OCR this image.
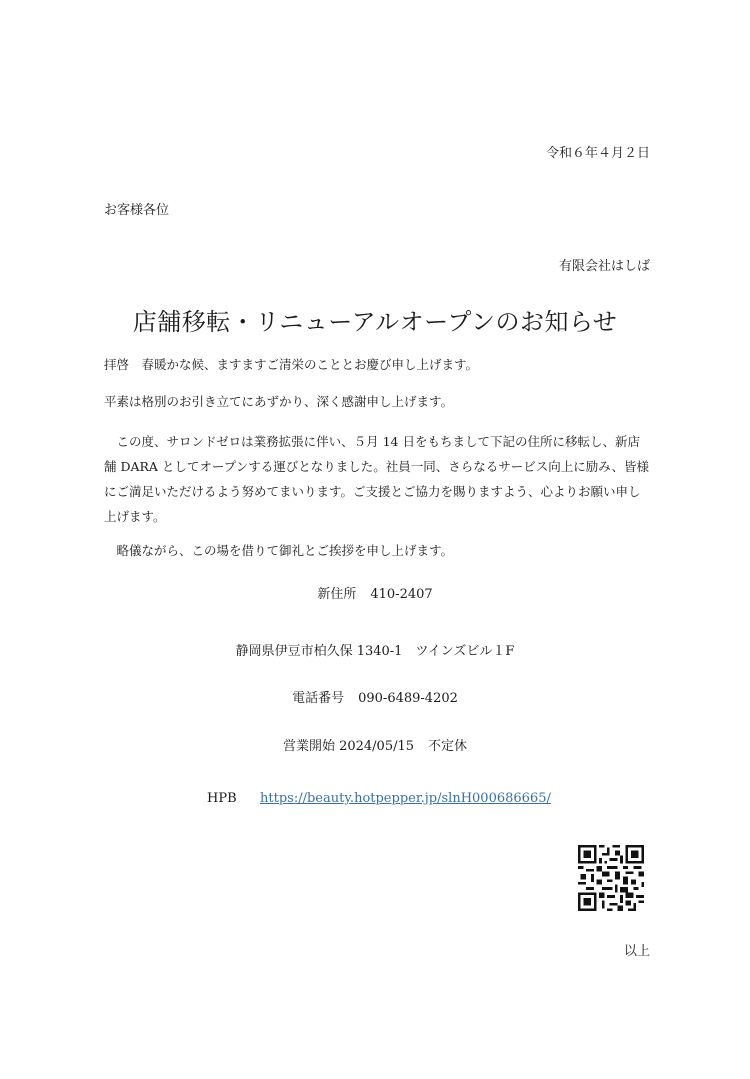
令和６年４月２日
お客様各位
有限会社はしば
店舗移転・リニューアルオープンのお知らせ
拝啓　春暖かな候、ますますご清栄のこととお慶び申し上げます。
平素は格別のお引き立てにあずかり、深く感謝申し上げます。
この度、サロンドゼロは業務拡張に伴い、５月 14 日をもちまして下記の住所に移転し、新店舗 DARA としてオープンする運びとなりました。社員一同、さらなるサービス向上に励み、皆様にご満足いただけるよう努めてまいります。ご支援とご協力を賜りますよう、心よりお願い申し上げます。
略儀ながら、この場を借りて御礼とご挨拶を申し上げます。
新住所 410-2407
静岡県伊豆市柏久保 1340-1　ツインズビル１F
電話番号 090-6489-4202
営業開始 2024/05/15 不定休
HPB https://beauty.hotpepper.jp/slnH000686665/
以上
